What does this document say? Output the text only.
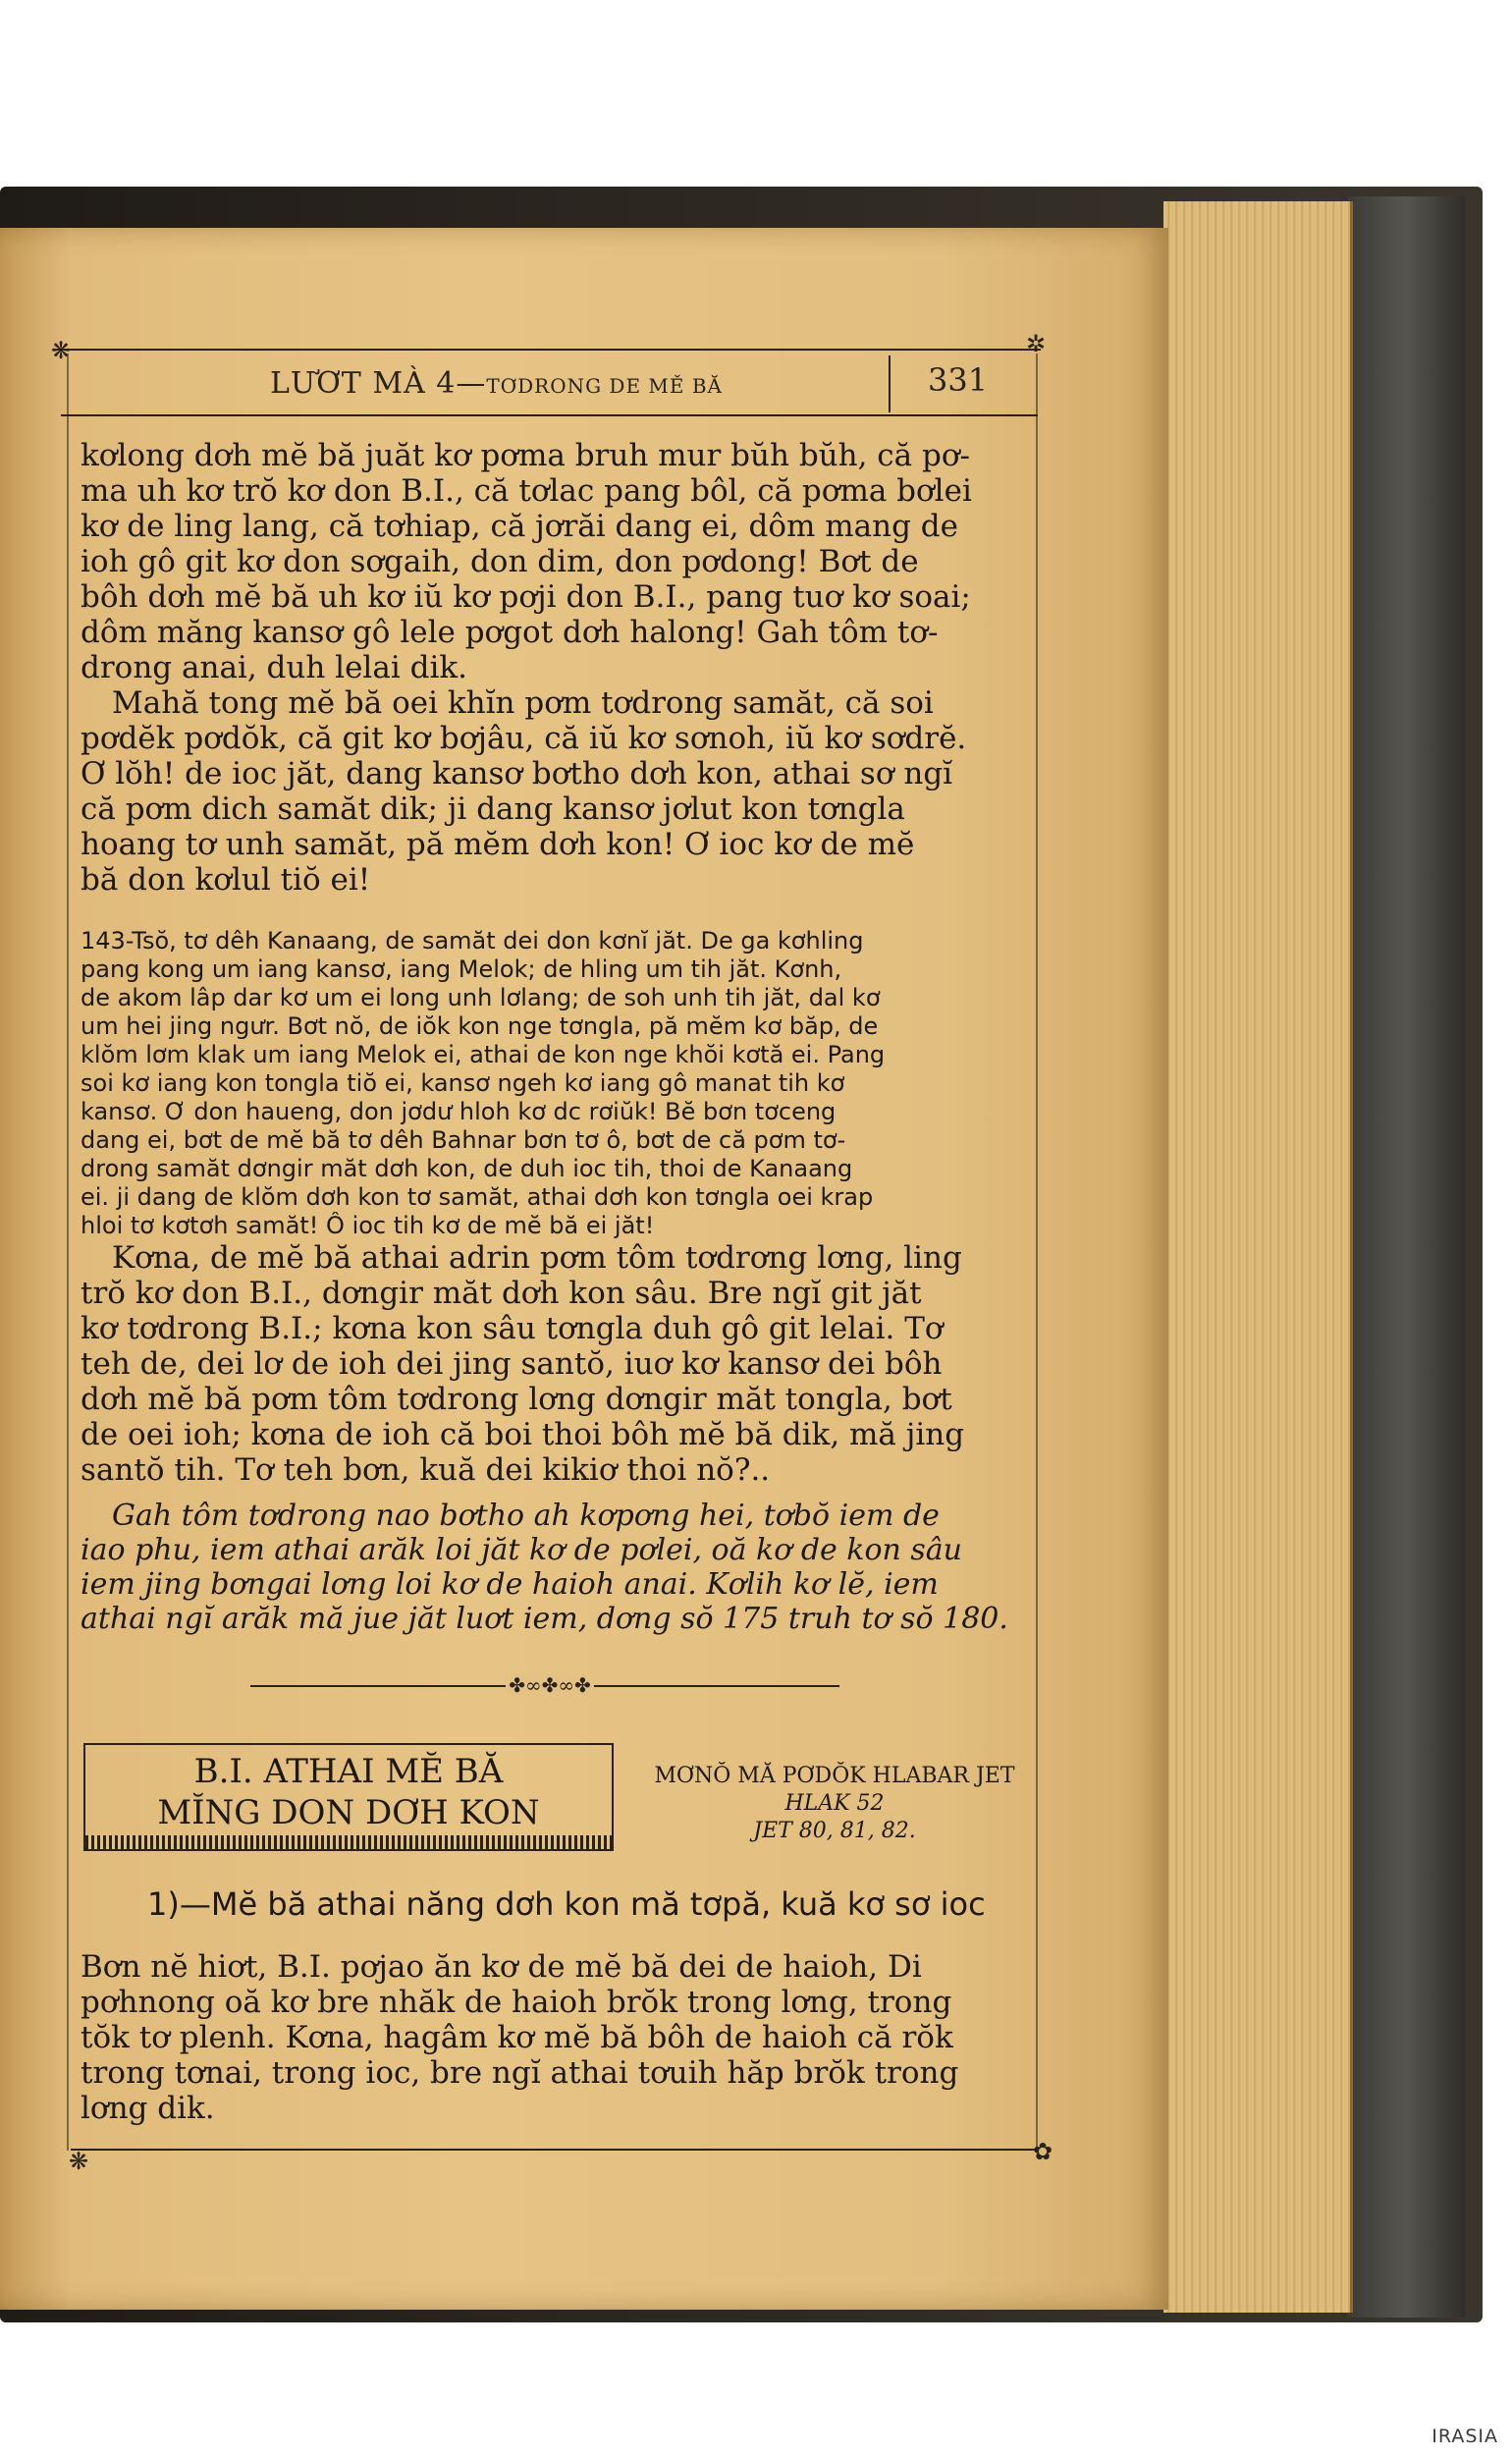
❋	✲
✿
❋
LƯƠT MÀ 4—TƠDRONG DE MĚ BĂ	331
kơlong dơh mĕ bă juăt kơ pơma bruh mur bŭh bŭh, că pơ-
ma uh kơ trŏ kơ don B.I., că tơlac pang bôl, că pơma bơlei
kơ de ling lang, că tơhiap, că jơrăi dang ei, dôm mang de
ioh gô git kơ don sơgaih, don dim, don pơdong! Bơt de
bôh dơh mĕ bă uh kơ iŭ kơ pơji don B.I., pang tuơ kơ soai;
dôm măng kansơ gô lele pơgot dơh halong! Gah tôm tơ-
drong anai, duh lelai dik.
Mahă tong mĕ bă oei khĭn pơm tơdrong samăt, că soi
pơdĕk pơdŏk, că git kơ bơjâu, că iŭ kơ sơnoh, iŭ kơ sơdrĕ.
Ơ lŏh! de ioc jăt, dang kansơ bơtho dơh kon, athai sơ ngĭ
că pơm dich samăt dik; ji dang kansơ jơlut kon tơngla
hoang tơ unh samăt, pă mĕm dơh kon! Ơ ioc kơ de mĕ
bă don kơlul tiŏ ei!
143-Tsŏ, tơ dêh Kanaang, de samăt dei don kơnĭ jăt. De ga kơhling
pang kong um iang kansơ, iang Melok; de hling um tih jăt. Kơnh,
de akom lâp dar kơ um ei long unh lơlang; de soh unh tih jăt, dal kơ
um hei jing ngưr. Bơt nŏ, de iŏk kon nge tơngla, pă mĕm kơ băp, de
klŏm lơm klak um iang Melok ei, athai de kon nge khŏi kơtă ei. Pang
soi kơ iang kon tongla tiŏ ei, kansơ ngeh kơ iang gô manat tih kơ
kansơ. Ơ don haueng, don jơdư hloh kơ dc rơiŭk! Bĕ bơn tơceng
dang ei, bơt de mĕ bă tơ dêh Bahnar bơn tơ ô, bơt de că pơm tơ-
drong samăt dơngir măt dơh kon, de duh ioc tih, thoi de Kanaang
ei. ji dang de klŏm dơh kon tơ samăt, athai dơh kon tơngla oei krap
hloi tơ kơtơh samăt! Ô ioc tih kơ de mĕ bă ei jăt!
Kơna, de mĕ bă athai adrin pơm tôm tơdrơng lơng, ling
trŏ kơ don B.I., dơngir măt dơh kon sâu. Bre ngĭ git jăt
kơ tơdrong B.I.; kơna kon sâu tơngla duh gô git lelai. Tơ
teh de, dei lơ de ioh dei jing santŏ, iuơ kơ kansơ dei bôh
dơh mĕ bă pơm tôm tơdrong lơng dơngir măt tongla, bơt
de oei ioh; kơna de ioh că boi thoi bôh mĕ bă dik, mă jing
santŏ tih. Tơ teh bơn, kuă dei kikiơ thoi nŏ?..
Gah tôm tơdrong nao bơtho ah kơpơng hei, tơbŏ iem de
iao phu, iem athai arăk loi jăt kơ de pơlei, oă kơ de kon sâu
iem jing bơngai lơng loi kơ de haioh anai. Kơlih kơ lĕ, iem
athai ngĭ arăk mă jue jăt luơt iem, dơng sŏ 175 truh tơ sŏ 180.
✤∞✤∞✤
B.I. ATHAI MĔ BĂ
MĬNG DON DƠH KON
MƠNŎ MĂ PƠDŎK HLABAR JET
HLAK 52
JET 80, 81, 82.
1)—Mĕ bă athai năng dơh kon mă tơpă, kuă kơ sơ ioc
Bơn nĕ hiơt, B.I. pơjao ăn kơ de mĕ bă dei de haioh, Di
pơhnong oă kơ bre nhăk de haioh brŏk trong lơng, trong
tŏk tơ plenh. Kơna, hagâm kơ mĕ bă bôh de haioh că rŏk
trong tơnai, trong ioc, bre ngĭ athai tơuih hăp brŏk trong
lơng dik.
IRASIA
